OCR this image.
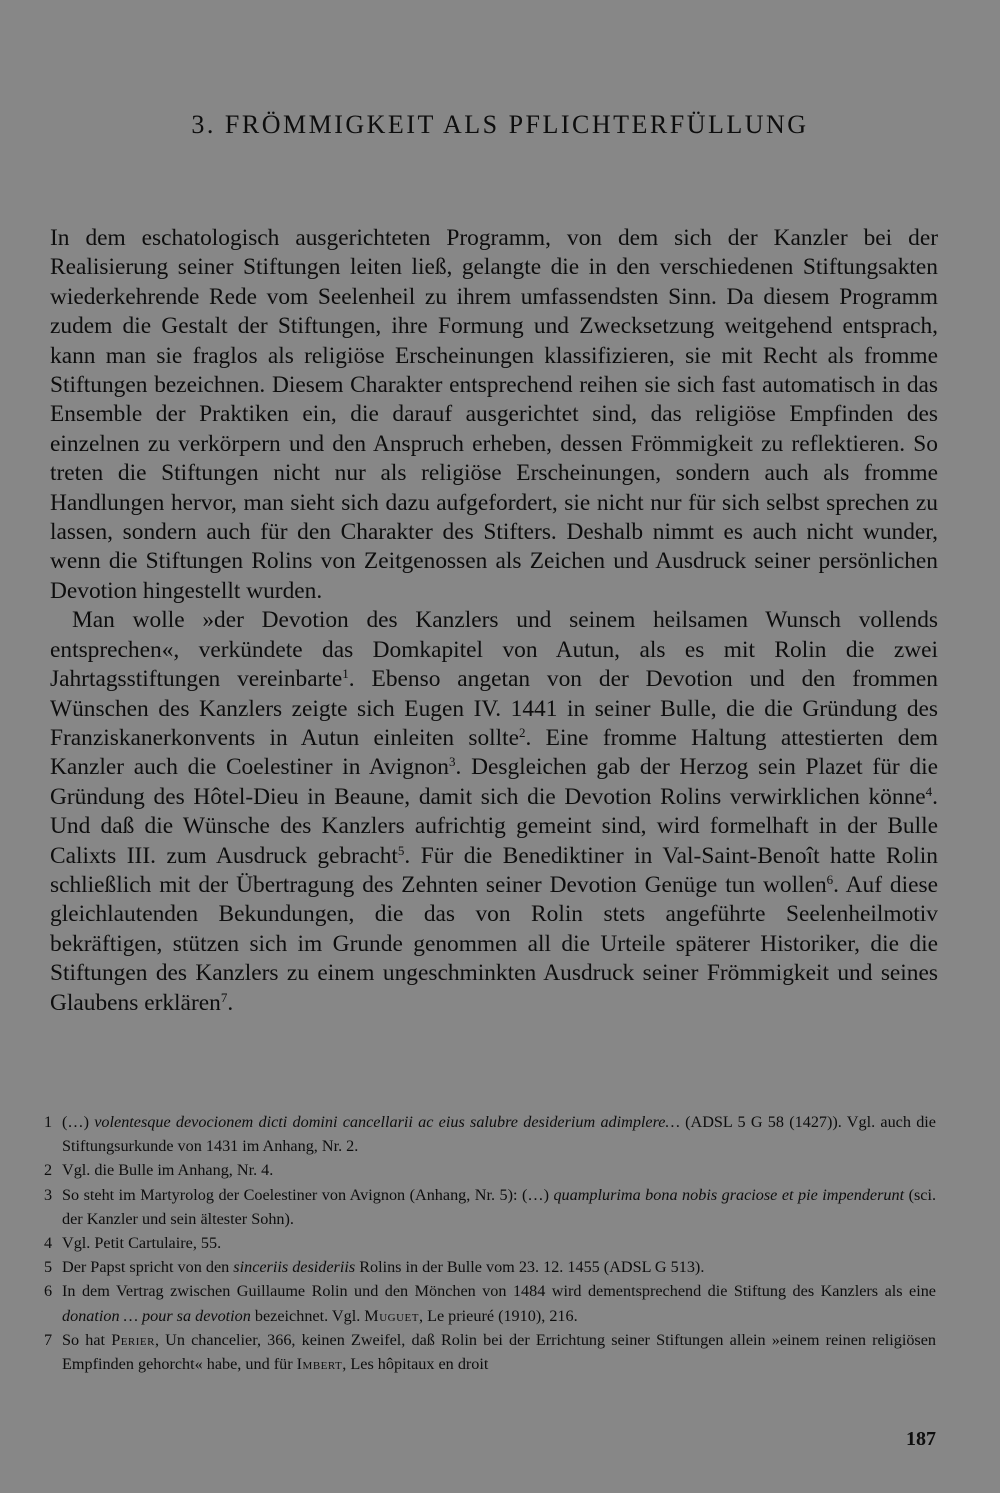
3. FRÖMMIGKEIT ALS PFLICHTERFÜLLUNG

In dem eschatologisch ausgerichteten Programm, von dem sich der Kanzler bei der Realisierung seiner Stiftungen leiten ließ, gelangte die in den verschiedenen Stiftungsakten wiederkehrende Rede vom Seelenheil zu ihrem umfassendsten Sinn. Da diesem Programm zudem die Gestalt der Stiftungen, ihre Formung und Zwecksetzung weitgehend entsprach, kann man sie fraglos als religiöse Erscheinungen klassifizieren, sie mit Recht als fromme Stiftungen bezeichnen. Diesem Charakter entsprechend reihen sie sich fast automatisch in das Ensemble der Praktiken ein, die darauf ausgerichtet sind, das religiöse Empfinden des einzelnen zu verkörpern und den Anspruch erheben, dessen Frömmigkeit zu reflektieren. So treten die Stiftungen nicht nur als religiöse Erscheinungen, sondern auch als fromme Handlungen hervor, man sieht sich dazu aufgefordert, sie nicht nur für sich selbst sprechen zu lassen, sondern auch für den Charakter des Stifters. Deshalb nimmt es auch nicht wunder, wenn die Stiftungen Rolins von Zeitgenossen als Zeichen und Ausdruck seiner persönlichen Devotion hingestellt wurden.

Man wolle »der Devotion des Kanzlers und seinem heilsamen Wunsch vollends entsprechen«, verkündete das Domkapitel von Autun, als es mit Rolin die zwei Jahrtagsstiftungen vereinbarte$^1$. Ebenso angetan von der Devotion und den frommen Wünschen des Kanzlers zeigte sich Eugen IV. 1441 in seiner Bulle, die die Gründung des Franziskanerkonvents in Autun einleiten sollte$^2$. Eine fromme Haltung attestierten dem Kanzler auch die Coelestiner in Avignon$^3$. Desgleichen gab der Herzog sein Plazet für die Gründung des Hôtel-Dieu in Beaune, damit sich die Devotion Rolins verwirklichen könne$^4$. Und daß die Wünsche des Kanzlers aufrichtig gemeint sind, wird formelhaft in der Bulle Calixts III. zum Ausdruck gebracht$^5$. Für die Benediktiner in Val-Saint-Benoît hatte Rolin schließlich mit der Übertragung des Zehnten seiner Devotion Genüge tun wollen$^6$. Auf diese gleichlautenden Bekundungen, die das von Rolin stets angeführte Seelenheilmotiv bekräftigen, stützen sich im Grunde genommen all die Urteile späterer Historiker, die die Stiftungen des Kanzlers zu einem ungeschminkten Ausdruck seiner Frömmigkeit und seines Glaubens erklären$^7$.

1 (…) volentesque devocionem dicti domini cancellarii ac eius salubre desiderium adimplere… (ADSL 5 G 58 (1427)). Vgl. auch die Stiftungsurkunde von 1431 im Anhang, Nr. 2.
2 Vgl. die Bulle im Anhang, Nr. 4.
3 So steht im Martyrolog der Coelestiner von Avignon (Anhang, Nr. 5): (…) quamplurima bona nobis graciose et pie impenderunt (sci. der Kanzler und sein ältester Sohn).
4 Vgl. Petit Cartulaire, 55.
5 Der Papst spricht von den sinceriis desideriis Rolins in der Bulle vom 23. 12. 1455 (ADSL G 513).
6 In dem Vertrag zwischen Guillaume Rolin und den Mönchen von 1484 wird dementsprechend die Stiftung des Kanzlers als eine donation … pour sa devotion bezeichnet. Vgl. Muguet, Le prieuré (1910), 216.
7 So hat Perier, Un chancelier, 366, keinen Zweifel, daß Rolin bei der Errichtung seiner Stiftungen allein »einem reinen religiösen Empfinden gehorcht« habe, und für Imbert, Les hôpitaux en droit
187
